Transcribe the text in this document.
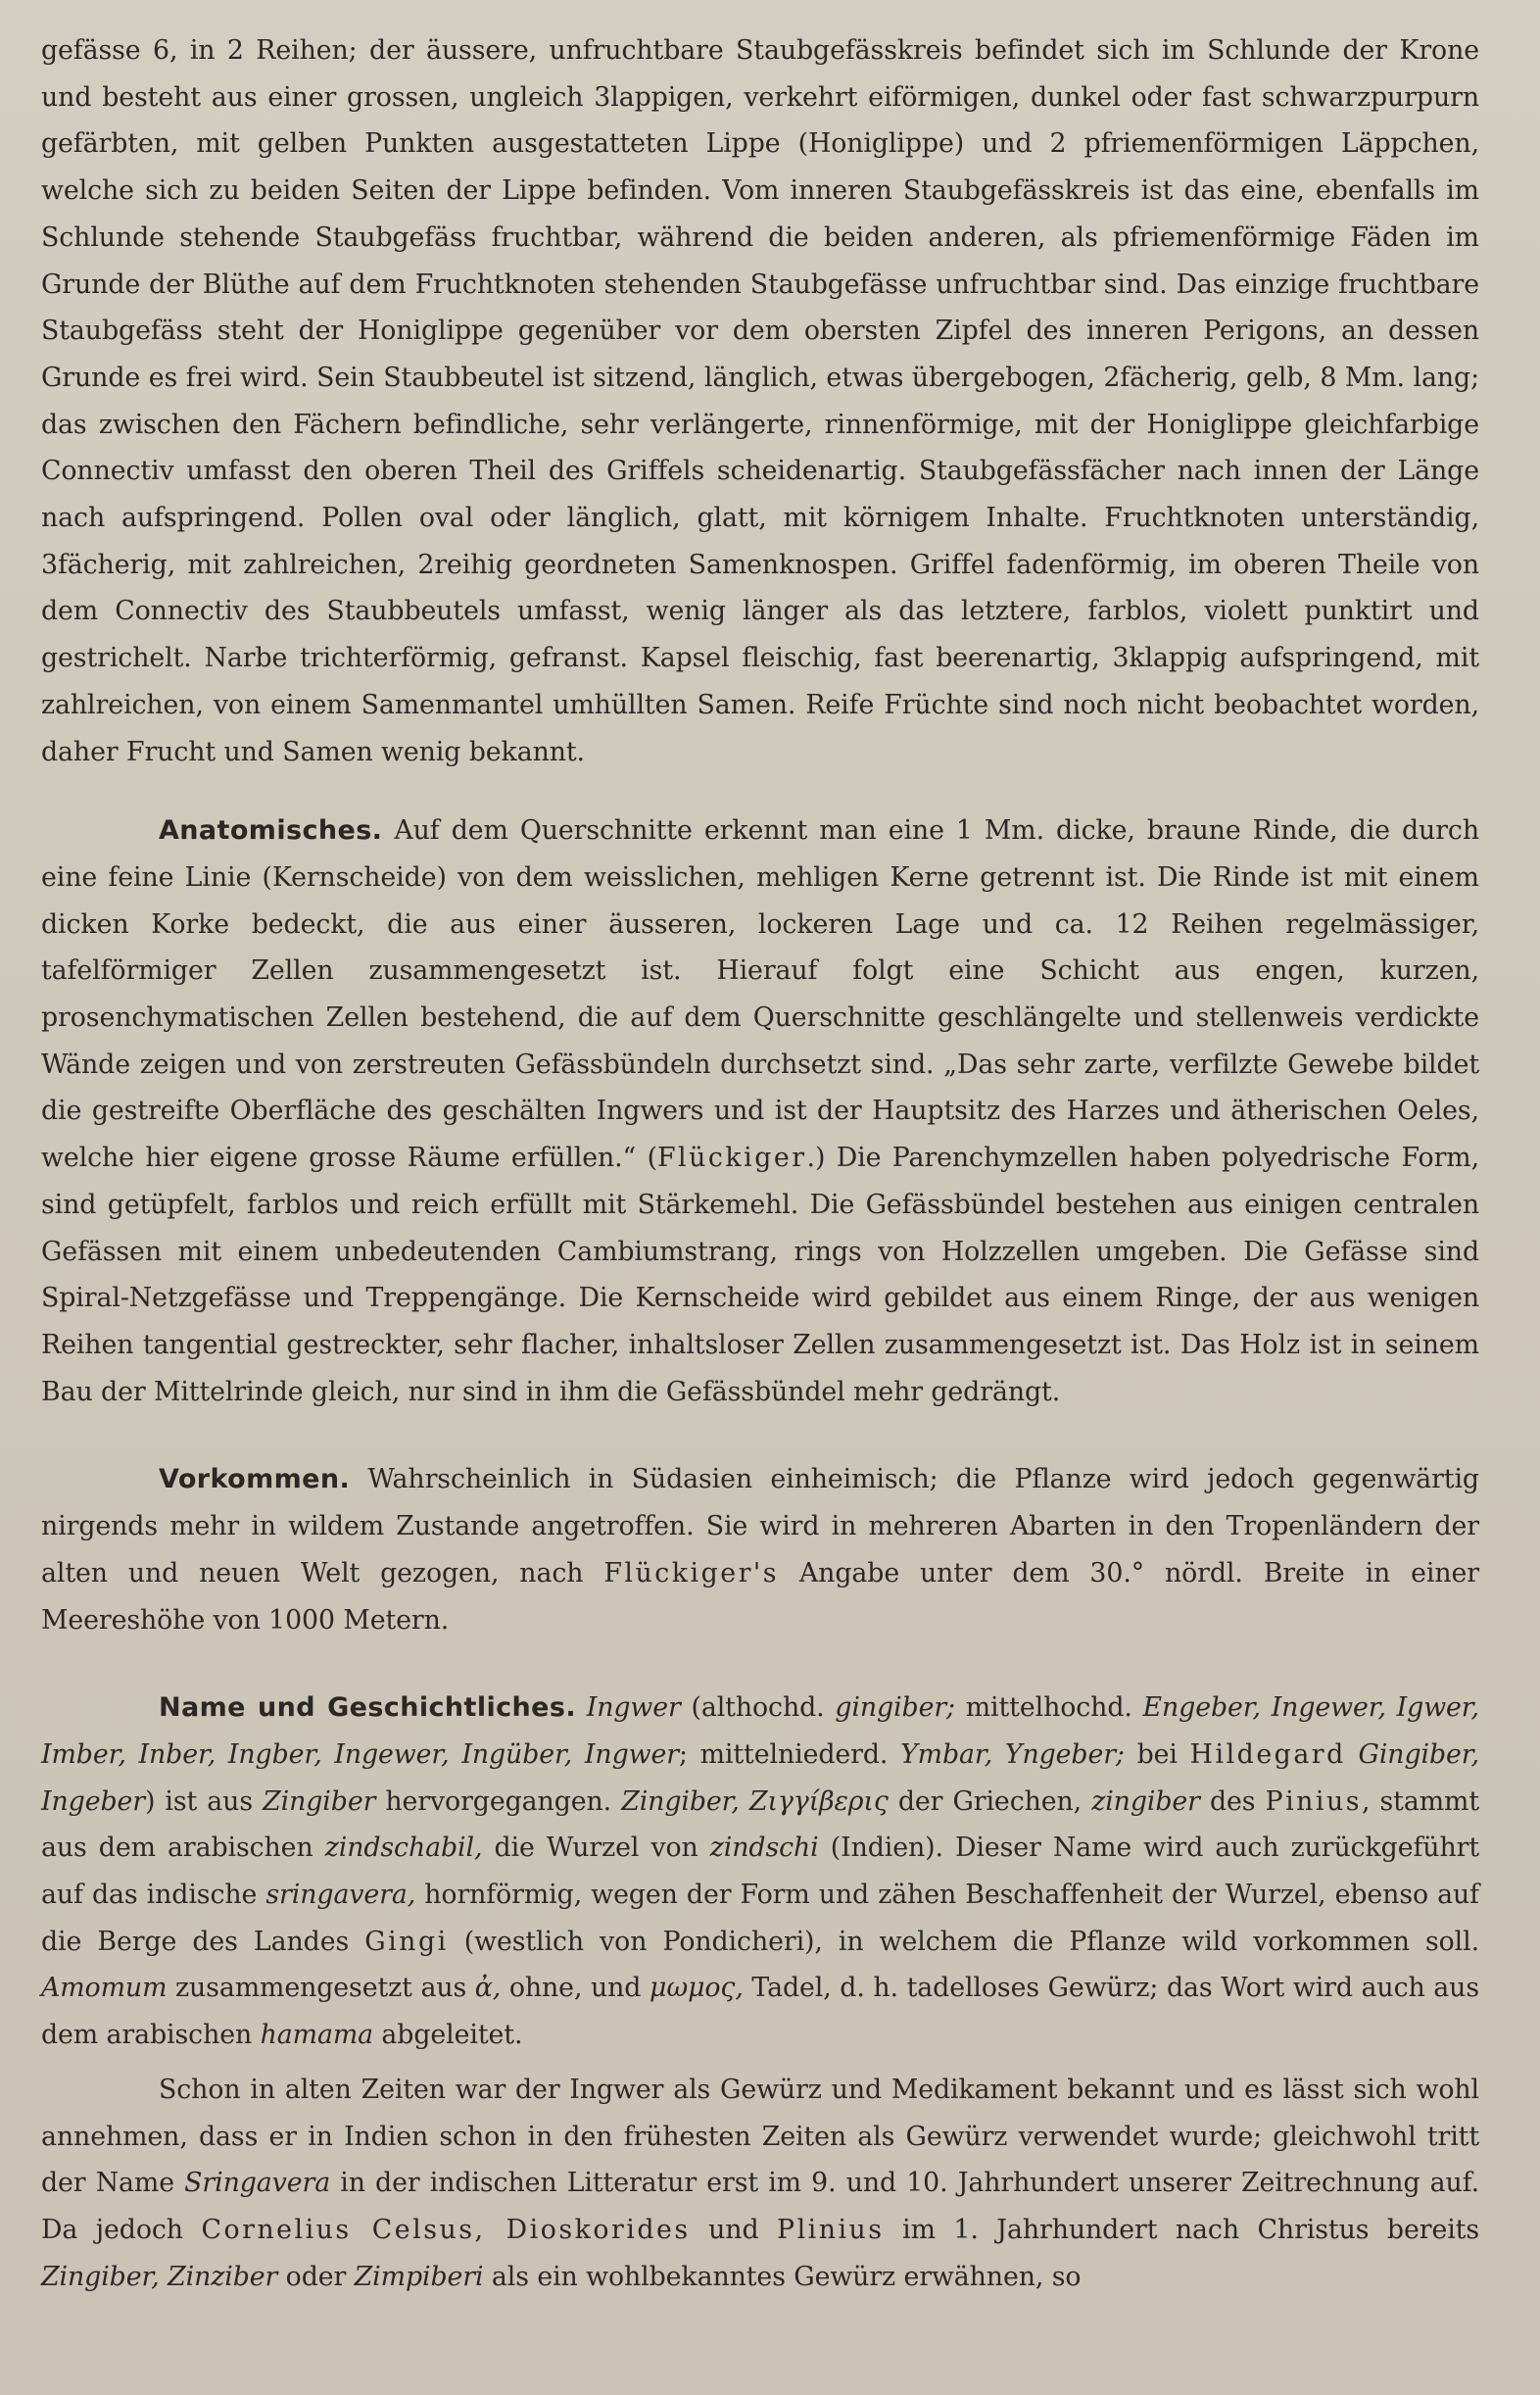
gefässe 6, in 2 Reihen; der äussere, unfruchtbare Staubgefässkreis befindet sich im Schlunde der Krone und besteht aus einer grossen, ungleich 3lappigen, verkehrt eiförmigen, dunkel oder fast schwarzpurpurn gefärbten, mit gelben Punkten ausgestatteten Lippe (Honiglippe) und 2 pfriemenförmigen Läppchen, welche sich zu beiden Seiten der Lippe befinden. Vom inneren Staubgefässkreis ist das eine, ebenfalls im Schlunde stehende Staubgefäss fruchtbar, während die beiden anderen, als pfriemenförmige Fäden im Grunde der Blüthe auf dem Fruchtknoten stehenden Staubgefässe unfruchtbar sind. Das einzige fruchtbare Staubgefäss steht der Honiglippe gegenüber vor dem obersten Zipfel des inneren Perigons, an dessen Grunde es frei wird. Sein Staubbeutel ist sitzend, länglich, etwas übergebogen, 2fächerig, gelb, 8 Mm. lang; das zwischen den Fächern befindliche, sehr verlängerte, rinnenförmige, mit der Honiglippe gleichfarbige Connectiv umfasst den oberen Theil des Griffels scheidenartig. Staubgefässfächer nach innen der Länge nach aufspringend. Pollen oval oder länglich, glatt, mit körnigem Inhalte. Fruchtknoten unterständig, 3fächerig, mit zahlreichen, 2reihig geordneten Samenknospen. Griffel fadenförmig, im oberen Theile von dem Connectiv des Staubbeutels umfasst, wenig länger als das letztere, farblos, violett punktirt und gestrichelt. Narbe trichterförmig, gefranst. Kapsel fleischig, fast beerenartig, 3klappig aufspringend, mit zahlreichen, von einem Samenmantel umhüllten Samen. Reife Früchte sind noch nicht beobachtet worden, daher Frucht und Samen wenig bekannt.

Anatomisches. Auf dem Querschnitte erkennt man eine 1 Mm. dicke, braune Rinde, die durch eine feine Linie (Kernscheide) von dem weisslichen, mehligen Kerne getrennt ist. Die Rinde ist mit einem dicken Korke bedeckt, die aus einer äusseren, lockeren Lage und ca. 12 Reihen regelmässiger, tafelförmiger Zellen zusammengesetzt ist. Hierauf folgt eine Schicht aus engen, kurzen, prosenchymatischen Zellen bestehend, die auf dem Querschnitte geschlängelte und stellenweis verdickte Wände zeigen und von zerstreuten Gefässbündeln durchsetzt sind. „Das sehr zarte, verfilzte Gewebe bildet die gestreifte Oberfläche des geschälten Ingwers und ist der Hauptsitz des Harzes und ätherischen Oeles, welche hier eigene grosse Räume erfüllen.“ (Flückiger.) Die Parenchymzellen haben polyedrische Form, sind getüpfelt, farblos und reich erfüllt mit Stärkemehl. Die Gefässbündel bestehen aus einigen centralen Gefässen mit einem unbedeutenden Cambiumstrang, rings von Holzzellen umgeben. Die Gefässe sind Spiral-Netzgefässe und Treppengänge. Die Kernscheide wird gebildet aus einem Ringe, der aus wenigen Reihen tangential gestreckter, sehr flacher, inhaltsloser Zellen zusammengesetzt ist. Das Holz ist in seinem Bau der Mittelrinde gleich, nur sind in ihm die Gefässbündel mehr gedrängt.

Vorkommen. Wahrscheinlich in Südasien einheimisch; die Pflanze wird jedoch gegenwärtig nirgends mehr in wildem Zustande angetroffen. Sie wird in mehreren Abarten in den Tropenländern der alten und neuen Welt gezogen, nach Flückiger's Angabe unter dem 30.° nördl. Breite in einer Meereshöhe von 1000 Metern.

Name und Geschichtliches. Ingwer (althochd. gingiber; mittelhochd. Engeber, Ingewer, Igwer, Imber, Inber, Ingber, Ingewer, Ingüber, Ingwer; mittelniederd. Ymbar, Yngeber; bei Hildegard Gingiber, Ingeber) ist aus Zingiber hervorgegangen. Zingiber, Ζιγγίβερις der Griechen, zingiber des Pinius, stammt aus dem arabischen zindschabil, die Wurzel von zindschi (Indien). Dieser Name wird auch zurückgeführt auf das indische sringavera, hornförmig, wegen der Form und zähen Beschaffenheit der Wurzel, ebenso auf die Berge des Landes Gingi (westlich von Pondicheri), in welchem die Pflanze wild vorkommen soll. Amomum zusammengesetzt aus ἀ, ohne, und μωμος, Tadel, d. h. tadelloses Gewürz; das Wort wird auch aus dem arabischen hamama abgeleitet.

Schon in alten Zeiten war der Ingwer als Gewürz und Medikament bekannt und es lässt sich wohl annehmen, dass er in Indien schon in den frühesten Zeiten als Gewürz verwendet wurde; gleichwohl tritt der Name Sringavera in der indischen Litteratur erst im 9. und 10. Jahrhundert unserer Zeitrechnung auf. Da jedoch Cornelius Celsus, Dioskorides und Plinius im 1. Jahrhundert nach Christus bereits Zingiber, Zinziber oder Zimpiberi als ein wohlbekanntes Gewürz erwähnen, so
